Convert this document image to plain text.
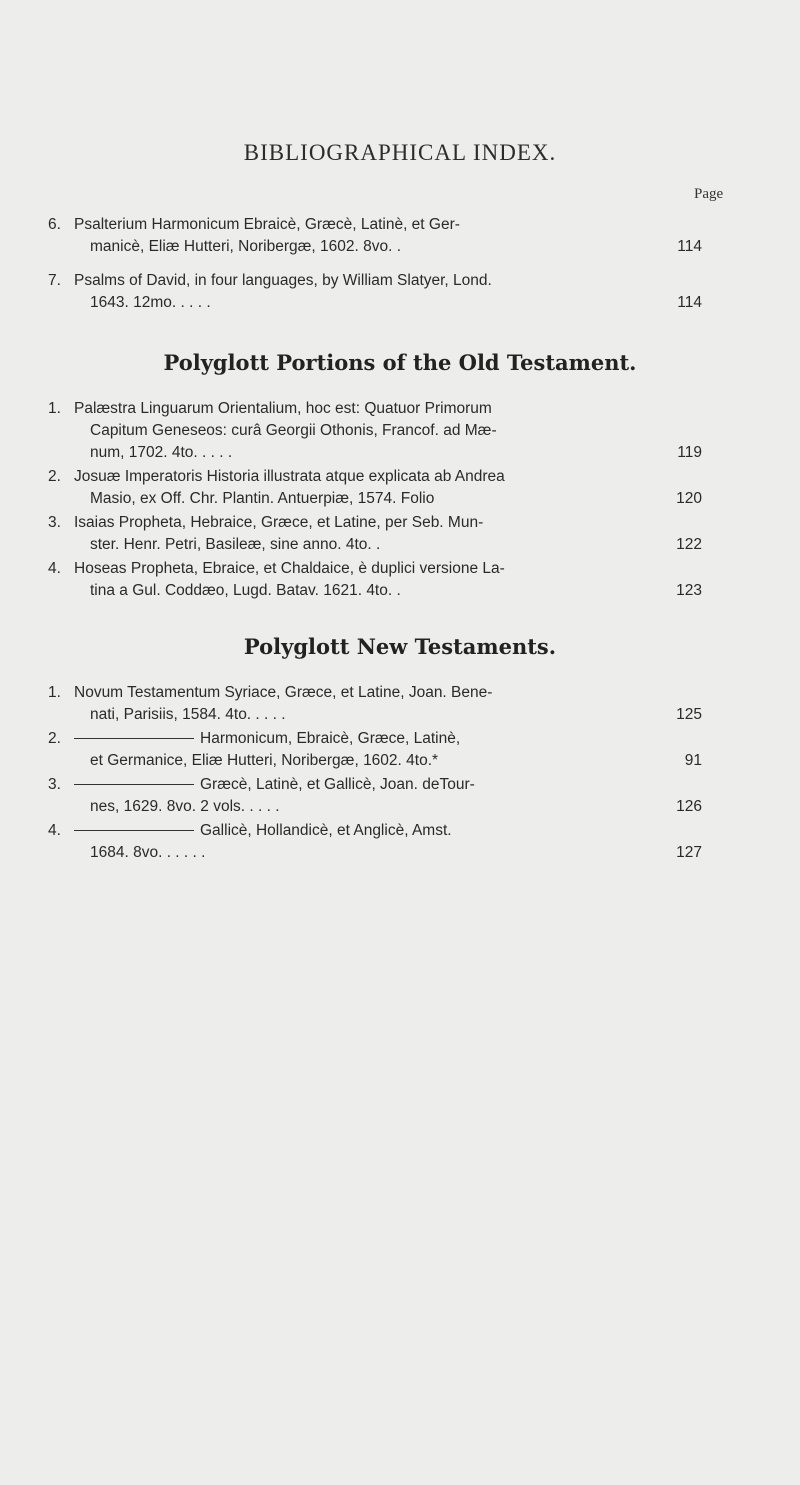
BIBLIOGRAPHICAL INDEX.
Page
6. Psalterium Harmonicum Ebraicè, Græcè, Latinè, et Ger-
manicè, Eliæ Hutteri, Noribergæ, 1602. 8vo. .	114
7. Psalms of David, in four languages, by William Slatyer, Lond.
1643. 12mo. . . . .	114
Polyglott Portions of the Old Testament.
1. Palæstra Linguarum Orientalium, hoc est: Quatuor Primorum
Capitum Geneseos: curâ Georgii Othonis, Francof. ad Mæ-
num, 1702. 4to. . . . .	119
2. Josuæ Imperatoris Historia illustrata atque explicata ab Andrea
Masio, ex Off. Chr. Plantin. Antuerpiæ, 1574. Folio	120
3. Isaias Propheta, Hebraice, Græce, et Latine, per Seb. Mun-
ster. Henr. Petri, Basileæ, sine anno. 4to. .	122
4. Hoseas Propheta, Ebraice, et Chaldaice, è duplici versione La-
tina a Gul. Coddæo, Lugd. Batav. 1621. 4to. .	123
Polyglott New Testaments.
1. Novum Testamentum Syriace, Græce, et Latine, Joan. Bene-
nati, Parisiis, 1584. 4to. . . . .	125
2.	Harmonicum, Ebraicè, Græce, Latinè,
et Germanice, Eliæ Hutteri, Noribergæ, 1602. 4to.*	91
3.	Græcè, Latinè, et Gallicè, Joan. deTour-
nes, 1629. 8vo. 2 vols. . . . .	126
4.	Gallicè, Hollandicè, et Anglicè, Amst.
1684. 8vo. . . . . .	127
